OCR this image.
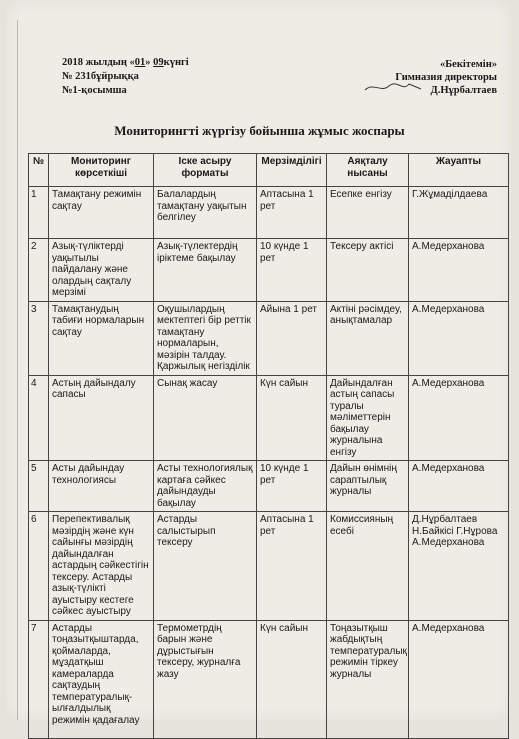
2018 жылдың «01» 09күнгі
№ 231бұйрыққа
№1-қосымша
«Бекітемін»
Гимназия директоры
Д.Нұрбалтаев
Мониторингті жүргізу бойынша жұмыс жоспары
№	Мониторинг көрсеткіші	Іске асыру форматы	Мерзімділігі	Аяқталу нысаны	Жауапты
1	Тамақтану режимін сақтау	Балалардың тамақтану уақытын белгілеу	Аптасына 1 рет	Есепке енгізу	Г.Жұмаділдаева
2	Азық-түліктерді уақытылы пайдалану және олардың сақталу мерзімі	Азық-түлектердің іріктеме бақылау	10 күнде 1 рет	Тексеру актісі	А.Медерханова
3	Тамақтанудың табиғи нормаларын сақтау	Оқушылардың мектептегі бір реттік тамақтану нормаларын, мәзірін талдау. Қаржылық негізділік	Айына 1 рет	Актіні рәсімдеу, анықтамалар	А.Медерханова
4	Астың дайындалу сапасы	Сынақ жасау	Күн сайын	Дайындалған астың сапасы туралы мәліметтерін бақылау журналына енгізу	А.Медерханова
5	Асты дайындау технологиясы	Асты технологиялық картаға сәйкес дайындауды бақылау	10 күнде 1 рет	Дайын өнімнің сараптылық журналы	А.Медерханова
6	Перепективалық мәзірдің және күн сайынғы мәзірдің дайындалған астардың сәйкестігін тексеру. Астарды азық-түлікті ауыстыру кестеге сәйкес ауыстыру	Астарды салыстырып тексеру	Аптасына 1 рет	Комиссияның есебі	Д.Нұрбалтаев Н.Байкісі Г.Нұрова А.Медерханова
7	Астарды тоңазытқыштарда, қоймаларда, мұздатқыш камераларда сақтаудың температуралық-ылғалдылық режимін қадағалау	Термометрдің барын және дұрыстығын тексеру, журналға жазу	Күн сайын	Тоңазытқыш жабдықтың температуралық режимін тіркеу журналы	А.Медерханова
